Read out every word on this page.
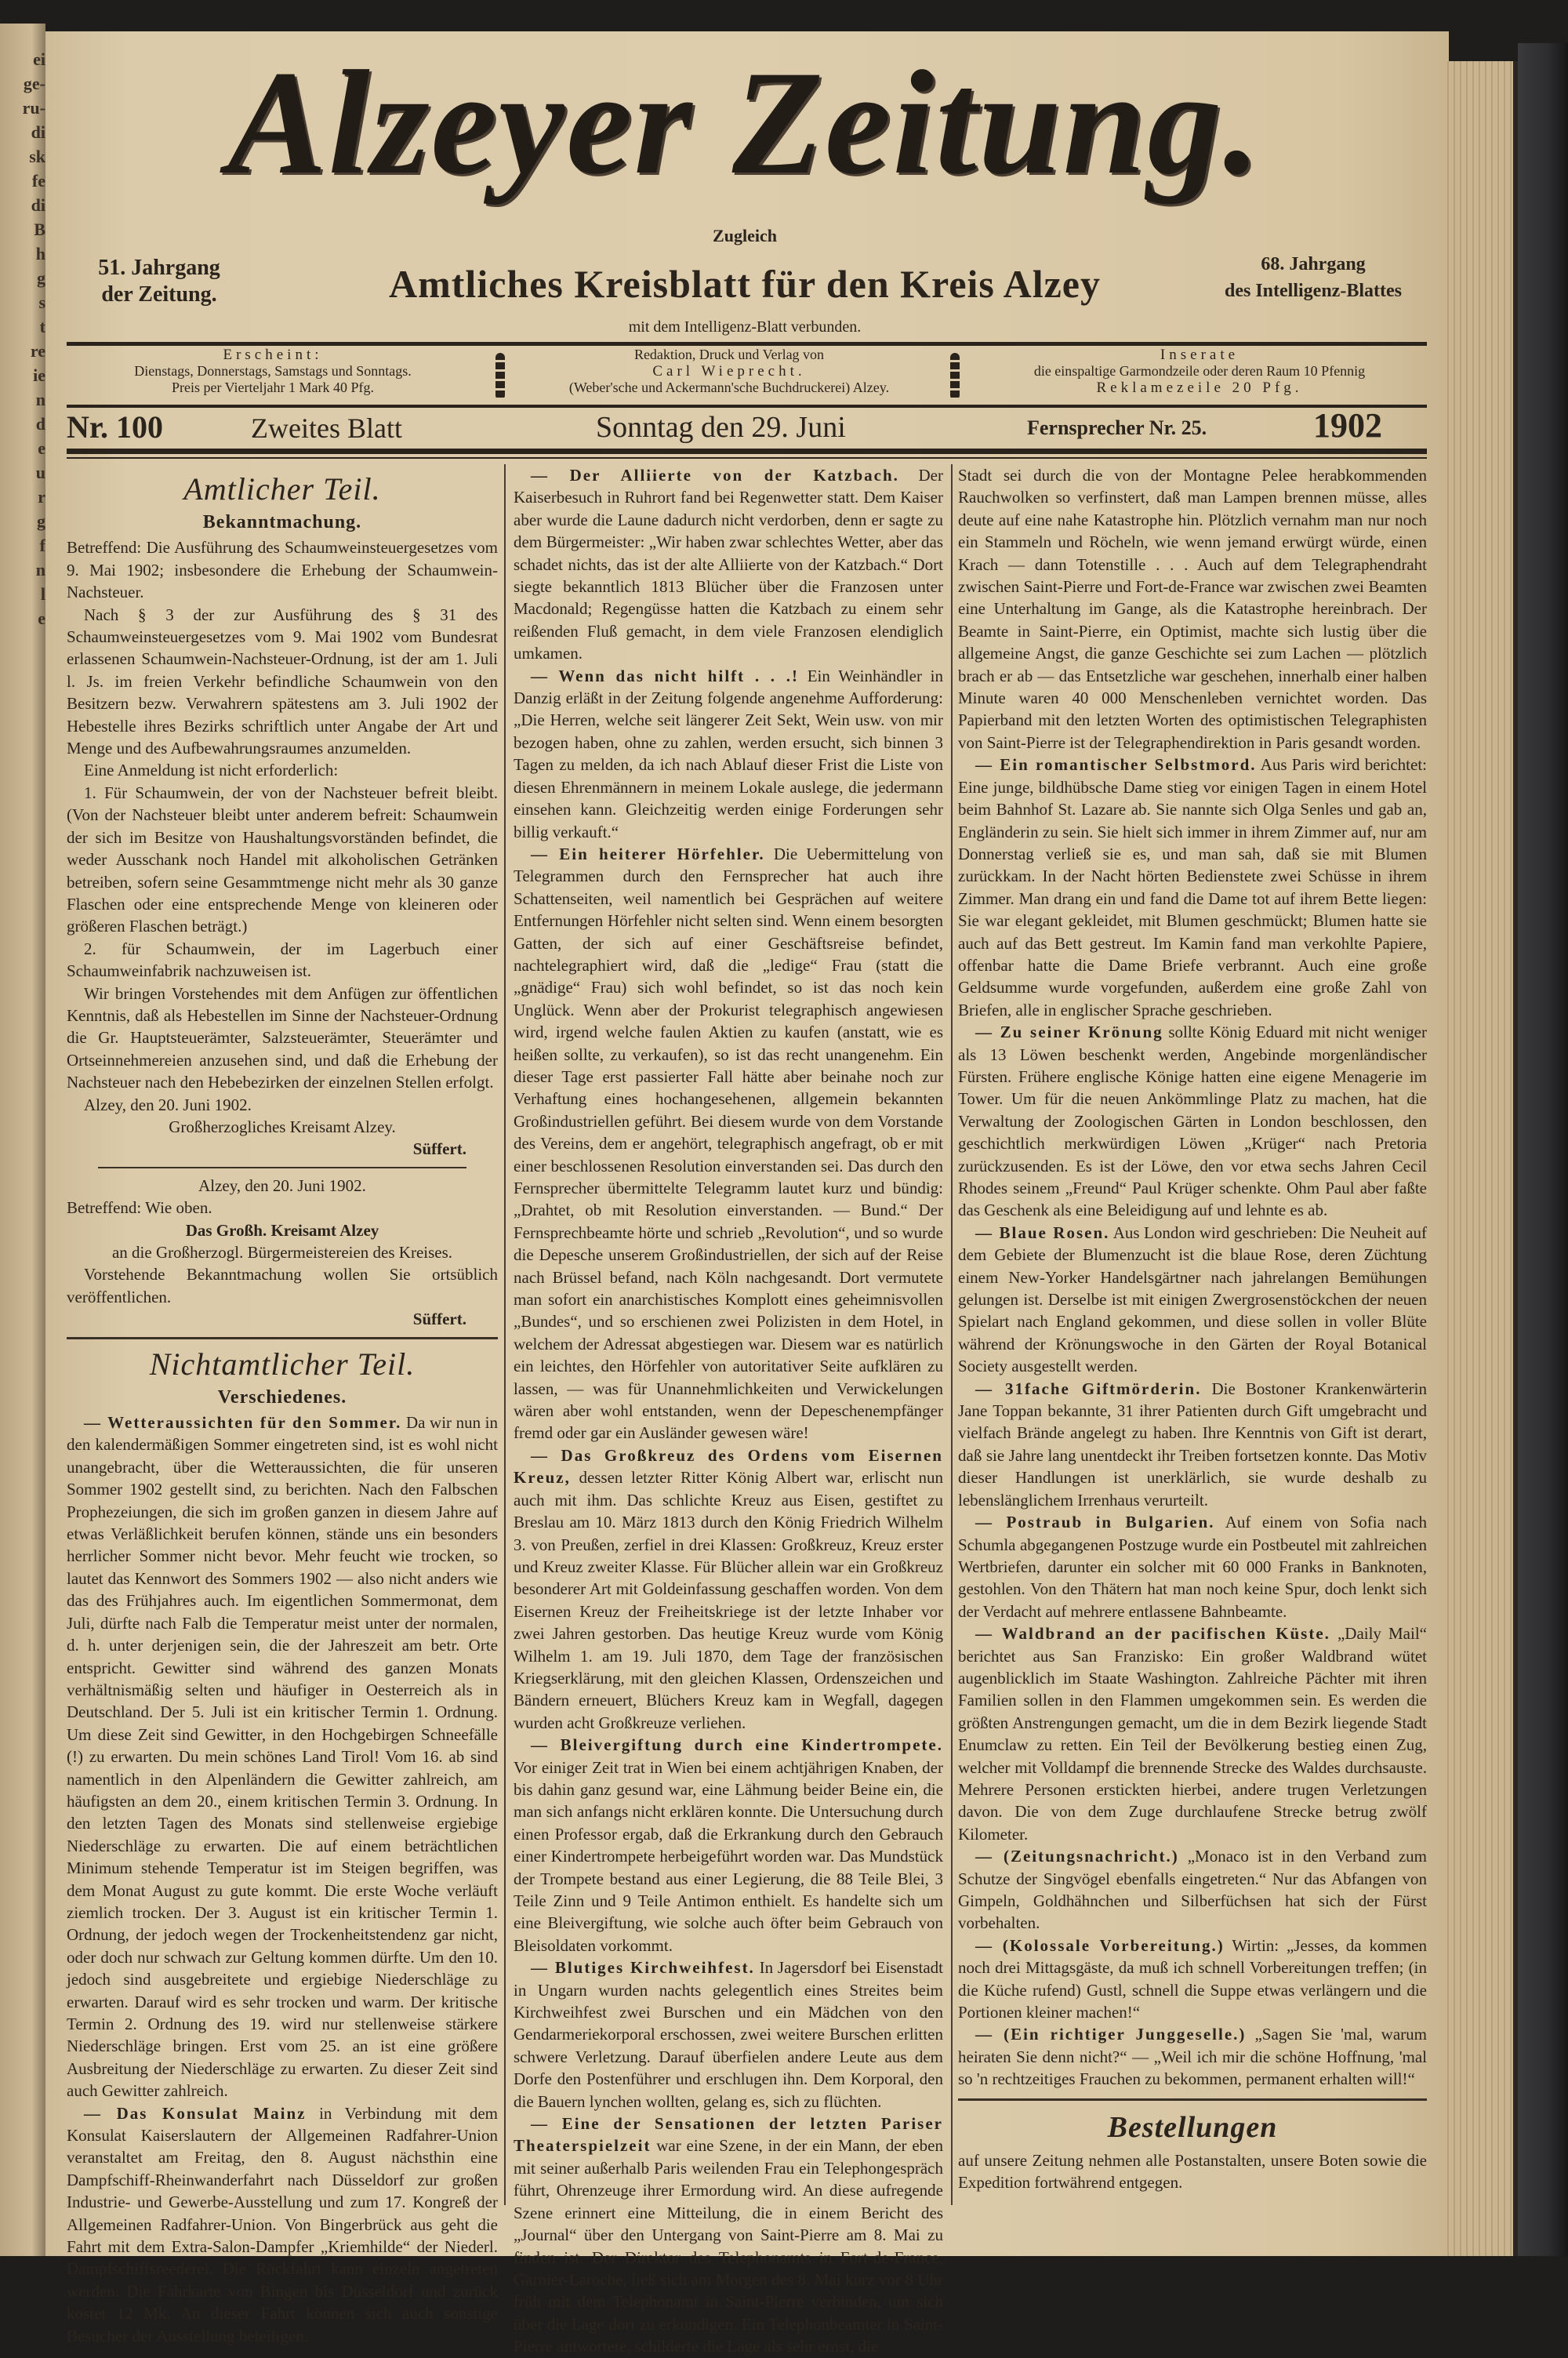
ei
ge-
ru-
di
sk
fe
di
B
h
g
s
t
re
ie
n
d
e
u
r
g
f
n
l
e
Alzeyer Zeitung.
51. Jahrgang
der Zeitung.
Zugleich
Amtliches Kreisblatt für den Kreis Alzey	68. Jahrgang
des Intelligenz-Blattes
mit dem Intelligenz-Blatt verbunden.
Erscheint:
Dienstags, Donnerstags, Samstags und Sonntags.
Preis per Vierteljahr 1 Mark 40 Pfg.
Redaktion, Druck und Verlag von
Carl Wieprecht.
(Weber'sche und Ackermann'sche Buchdruckerei) Alzey.
Inserate
die einspaltige Garmondzeile oder deren Raum 10 Pfennig
Reklamezeile 20 Pfg.
Nr. 100	Zweites Blatt	Sonntag den 29. Juni	Fernsprecher Nr. 25.	1902
Amtlicher Teil.
Bekanntmachung.

Betreffend: Die Ausführung des Schaumweinsteuergesetzes vom 9. Mai 1902; insbesondere die Erhebung der Schaumwein-Nachsteuer.

Nach § 3 der zur Ausführung des § 31 des Schaumweinsteuergesetzes vom 9. Mai 1902 vom Bundesrat erlassenen Schaumwein-Nachsteuer-Ordnung, ist der am 1. Juli l. Js. im freien Verkehr befindliche Schaumwein von den Besitzern bezw. Verwahrern spätestens am 3. Juli 1902 der Hebestelle ihres Bezirks schriftlich unter Angabe der Art und Menge und des Aufbewahrungsraumes anzumelden.

Eine Anmeldung ist nicht erforderlich:

1. Für Schaumwein, der von der Nachsteuer befreit bleibt. (Von der Nachsteuer bleibt unter anderem befreit: Schaumwein der sich im Besitze von Haushaltungsvorständen befindet, die weder Ausschank noch Handel mit alkoholischen Getränken betreiben, sofern seine Gesammtmenge nicht mehr als 30 ganze Flaschen oder eine entsprechende Menge von kleineren oder größeren Flaschen beträgt.)

2. für Schaumwein, der im Lagerbuch einer Schaumweinfabrik nachzuweisen ist.

Wir bringen Vorstehendes mit dem Anfügen zur öffentlichen Kenntnis, daß als Hebestellen im Sinne der Nachsteuer-Ordnung die Gr. Hauptsteuerämter, Salzsteuerämter, Steuerämter und Ortseinnehmereien anzusehen sind, und daß die Erhebung der Nachsteuer nach den Hebebezirken der einzelnen Stellen erfolgt.

Alzey, den 20. Juni 1902.

Großherzogliches Kreisamt Alzey.
Süffert.
Alzey, den 20. Juni 1902.

Betreffend: Wie oben.

Das Großh. Kreisamt Alzey
an die Großherzogl. Bürgermeistereien des Kreises.

Vorstehende Bekanntmachung wollen Sie ortsüblich veröffentlichen.

Süffert.
Nichtamtlicher Teil.
Verschiedenes.

— Wetteraussichten für den Sommer. Da wir nun in den kalendermäßigen Sommer eingetreten sind, ist es wohl nicht unangebracht, über die Wetteraussichten, die für unseren Sommer 1902 gestellt sind, zu berichten. Nach den Falbschen Prophezeiungen, die sich im großen ganzen in diesem Jahre auf etwas Verläßlichkeit berufen können, stände uns ein besonders herrlicher Sommer nicht bevor. Mehr feucht wie trocken, so lautet das Kennwort des Sommers 1902 — also nicht anders wie das des Frühjahres auch. Im eigentlichen Sommermonat, dem Juli, dürfte nach Falb die Temperatur meist unter der normalen, d. h. unter derjenigen sein, die der Jahreszeit am betr. Orte entspricht. Gewitter sind während des ganzen Monats verhältnismäßig selten und häufiger in Oesterreich als in Deutschland. Der 5. Juli ist ein kritischer Termin 1. Ordnung. Um diese Zeit sind Gewitter, in den Hochgebirgen Schneefälle (!) zu erwarten. Du mein schönes Land Tirol! Vom 16. ab sind namentlich in den Alpenländern die Gewitter zahlreich, am häufigsten an dem 20., einem kritischen Termin 3. Ordnung. In den letzten Tagen des Monats sind stellenweise ergiebige Niederschläge zu erwarten. Die auf einem beträchtlichen Minimum stehende Temperatur ist im Steigen begriffen, was dem Monat August zu gute kommt. Die erste Woche verläuft ziemlich trocken. Der 3. August ist ein kritischer Termin 1. Ordnung, der jedoch wegen der Trockenheitstendenz gar nicht, oder doch nur schwach zur Geltung kommen dürfte. Um den 10. jedoch sind ausgebreitete und ergiebige Niederschläge zu erwarten. Darauf wird es sehr trocken und warm. Der kritische Termin 2. Ordnung des 19. wird nur stellenweise stärkere Niederschläge bringen. Erst vom 25. an ist eine größere Ausbreitung der Niederschläge zu erwarten. Zu dieser Zeit sind auch Gewitter zahlreich.

— Das Konsulat Mainz in Verbindung mit dem Konsulat Kaiserslautern der Allgemeinen Radfahrer-Union veranstaltet am Freitag, den 8. August nächsthin eine Dampfschiff-Rheinwanderfahrt nach Düsseldorf zur großen Industrie- und Gewerbe-Ausstellung und zum 17. Kongreß der Allgemeinen Radfahrer-Union. Von Bingerbrück aus geht die Fahrt mit dem Extra-Salon-Dampfer „Kriemhilde“ der Niederl. Dampfschiffsreederei. Die Rückfahrt kann einzeln angetreten werden. Die Fahrkarte von Bingen bis Düsseldorf und zurück kostet 12 Mk. An dieser Fahrt können sich auch sonstige Besucher der Ausstellung beteiligen.

— Der Alliierte von der Katzbach. Der Kaiserbesuch in Ruhrort fand bei Regenwetter statt. Dem Kaiser aber wurde die Laune dadurch nicht verdorben, denn er sagte zu dem Bürgermeister: „Wir haben zwar schlechtes Wetter, aber das schadet nichts, das ist der alte Alliierte von der Katzbach.“ Dort siegte bekanntlich 1813 Blücher über die Franzosen unter Macdonald; Regengüsse hatten die Katzbach zu einem sehr reißenden Fluß gemacht, in dem viele Franzosen elendiglich umkamen.

— Wenn das nicht hilft . . .! Ein Weinhändler in Danzig erläßt in der Zeitung folgende angenehme Aufforderung: „Die Herren, welche seit längerer Zeit Sekt, Wein usw. von mir bezogen haben, ohne zu zahlen, werden ersucht, sich binnen 3 Tagen zu melden, da ich nach Ablauf dieser Frist die Liste von diesen Ehrenmännern in meinem Lokale auslege, die jedermann einsehen kann. Gleichzeitig werden einige Forderungen sehr billig verkauft.“

— Ein heiterer Hörfehler. Die Uebermittelung von Telegrammen durch den Fernsprecher hat auch ihre Schattenseiten, weil namentlich bei Gesprächen auf weitere Entfernungen Hörfehler nicht selten sind. Wenn einem besorgten Gatten, der sich auf einer Geschäftsreise befindet, nachtelegraphiert wird, daß die „ledige“ Frau (statt die „gnädige“ Frau) sich wohl befindet, so ist das noch kein Unglück. Wenn aber der Prokurist telegraphisch angewiesen wird, irgend welche faulen Aktien zu kaufen (anstatt, wie es heißen sollte, zu verkaufen), so ist das recht unangenehm. Ein dieser Tage erst passierter Fall hätte aber beinahe noch zur Verhaftung eines hochangesehenen, allgemein bekannten Großindustriellen geführt. Bei diesem wurde von dem Vorstande des Vereins, dem er angehört, telegraphisch angefragt, ob er mit einer beschlossenen Resolution einverstanden sei. Das durch den Fernsprecher übermittelte Telegramm lautet kurz und bündig: „Drahtet, ob mit Resolution einverstanden. — Bund.“ Der Fernsprechbeamte hörte und schrieb „Revolution“, und so wurde die Depesche unserem Großindustriellen, der sich auf der Reise nach Brüssel befand, nach Köln nachgesandt. Dort vermutete man sofort ein anarchistisches Komplott eines geheimnisvollen „Bundes“, und so erschienen zwei Polizisten in dem Hotel, in welchem der Adressat abgestiegen war. Diesem war es natürlich ein leichtes, den Hörfehler von autoritativer Seite aufklären zu lassen, — was für Unannehmlichkeiten und Verwickelungen wären aber wohl entstanden, wenn der Depeschenempfänger fremd oder gar ein Ausländer gewesen wäre!

— Das Großkreuz des Ordens vom Eisernen Kreuz, dessen letzter Ritter König Albert war, erlischt nun auch mit ihm. Das schlichte Kreuz aus Eisen, gestiftet zu Breslau am 10. März 1813 durch den König Friedrich Wilhelm 3. von Preußen, zerfiel in drei Klassen: Großkreuz, Kreuz erster und Kreuz zweiter Klasse. Für Blücher allein war ein Großkreuz besonderer Art mit Goldeinfassung geschaffen worden. Von dem Eisernen Kreuz der Freiheitskriege ist der letzte Inhaber vor zwei Jahren gestorben. Das heutige Kreuz wurde vom König Wilhelm 1. am 19. Juli 1870, dem Tage der französischen Kriegserklärung, mit den gleichen Klassen, Ordenszeichen und Bändern erneuert, Blüchers Kreuz kam in Wegfall, dagegen wurden acht Großkreuze verliehen.

— Bleivergiftung durch eine Kindertrompete. Vor einiger Zeit trat in Wien bei einem achtjährigen Knaben, der bis dahin ganz gesund war, eine Lähmung beider Beine ein, die man sich anfangs nicht erklären konnte. Die Untersuchung durch einen Professor ergab, daß die Erkrankung durch den Gebrauch einer Kindertrompete herbeigeführt worden war. Das Mundstück der Trompete bestand aus einer Legierung, die 88 Teile Blei, 3 Teile Zinn und 9 Teile Antimon enthielt. Es handelte sich um eine Bleivergiftung, wie solche auch öfter beim Gebrauch von Bleisoldaten vorkommt.

— Blutiges Kirchweihfest. In Jagersdorf bei Eisenstadt in Ungarn wurden nachts gelegentlich eines Streites beim Kirchweihfest zwei Burschen und ein Mädchen von den Gendarmeriekorporal erschossen, zwei weitere Burschen erlitten schwere Verletzung. Darauf überfielen andere Leute aus dem Dorfe den Postenführer und erschlugen ihn. Dem Korporal, den die Bauern lynchen wollten, gelang es, sich zu flüchten.

— Eine der Sensationen der letzten Pariser Theaterspielzeit war eine Szene, in der ein Mann, der eben mit seiner außerhalb Paris weilenden Frau ein Telephongespräch führt, Ohrenzeuge ihrer Ermordung wird. An diese aufregende Szene erinnert eine Mitteilung, die in einem Bericht des „Journal“ über den Untergang von Saint-Pierre am 8. Mai zu finden ist. Der Direktor des Telephonamts in Fort-de-France, Garnier-Laroche, ließ sich am Morgen des 8. Mai kurz vor 8 Uhr früh mit dem Telephonamt in Saint-Pierre verbinden, um sich über die Lage dort zu erkundigen. Ein Telephonbeamter in Saint-Pierre antwortete, schilderte die Lage als sehr ernst, die

Stadt sei durch die von der Montagne Pelee herabkommenden Rauchwolken so verfinstert, daß man Lampen brennen müsse, alles deute auf eine nahe Katastrophe hin. Plötzlich vernahm man nur noch ein Stammeln und Röcheln, wie wenn jemand erwürgt würde, einen Krach — dann Totenstille . . . Auch auf dem Telegraphendraht zwischen Saint-Pierre und Fort-de-France war zwischen zwei Beamten eine Unterhaltung im Gange, als die Katastrophe hereinbrach. Der Beamte in Saint-Pierre, ein Optimist, machte sich lustig über die allgemeine Angst, die ganze Geschichte sei zum Lachen — plötzlich brach er ab — das Entsetzliche war geschehen, innerhalb einer halben Minute waren 40 000 Menschenleben vernichtet worden. Das Papierband mit den letzten Worten des optimistischen Telegraphisten von Saint-Pierre ist der Telegraphendirektion in Paris gesandt worden.

— Ein romantischer Selbstmord. Aus Paris wird berichtet: Eine junge, bildhübsche Dame stieg vor einigen Tagen in einem Hotel beim Bahnhof St. Lazare ab. Sie nannte sich Olga Senles und gab an, Engländerin zu sein. Sie hielt sich immer in ihrem Zimmer auf, nur am Donnerstag verließ sie es, und man sah, daß sie mit Blumen zurückkam. In der Nacht hörten Bedienstete zwei Schüsse in ihrem Zimmer. Man drang ein und fand die Dame tot auf ihrem Bette liegen: Sie war elegant gekleidet, mit Blumen geschmückt; Blumen hatte sie auch auf das Bett gestreut. Im Kamin fand man verkohlte Papiere, offenbar hatte die Dame Briefe verbrannt. Auch eine große Geldsumme wurde vorgefunden, außerdem eine große Zahl von Briefen, alle in englischer Sprache geschrieben.

— Zu seiner Krönung sollte König Eduard mit nicht weniger als 13 Löwen beschenkt werden, Angebinde morgenländischer Fürsten. Frühere englische Könige hatten eine eigene Menagerie im Tower. Um für die neuen Ankömmlinge Platz zu machen, hat die Verwaltung der Zoologischen Gärten in London beschlossen, den geschichtlich merkwürdigen Löwen „Krüger“ nach Pretoria zurückzusenden. Es ist der Löwe, den vor etwa sechs Jahren Cecil Rhodes seinem „Freund“ Paul Krüger schenkte. Ohm Paul aber faßte das Geschenk als eine Beleidigung auf und lehnte es ab.

— Blaue Rosen. Aus London wird geschrieben: Die Neuheit auf dem Gebiete der Blumenzucht ist die blaue Rose, deren Züchtung einem New-Yorker Handelsgärtner nach jahrelangen Bemühungen gelungen ist. Derselbe ist mit einigen Zwergrosenstöckchen der neuen Spielart nach England gekommen, und diese sollen in voller Blüte während der Krönungswoche in den Gärten der Royal Botanical Society ausgestellt werden.

— 31fache Giftmörderin. Die Bostoner Krankenwärterin Jane Toppan bekannte, 31 ihrer Patienten durch Gift umgebracht und vielfach Brände angelegt zu haben. Ihre Kenntnis von Gift ist derart, daß sie Jahre lang unentdeckt ihr Treiben fortsetzen konnte. Das Motiv dieser Handlungen ist unerklärlich, sie wurde deshalb zu lebenslänglichem Irrenhaus verurteilt.

— Postraub in Bulgarien. Auf einem von Sofia nach Schumla abgegangenen Postzuge wurde ein Postbeutel mit zahlreichen Wertbriefen, darunter ein solcher mit 60 000 Franks in Banknoten, gestohlen. Von den Thätern hat man noch keine Spur, doch lenkt sich der Verdacht auf mehrere entlassene Bahnbeamte.

— Waldbrand an der pacifischen Küste. „Daily Mail“ berichtet aus San Franzisko: Ein großer Waldbrand wütet augenblicklich im Staate Washington. Zahlreiche Pächter mit ihren Familien sollen in den Flammen umgekommen sein. Es werden die größten Anstrengungen gemacht, um die in dem Bezirk liegende Stadt Enumclaw zu retten. Ein Teil der Bevölkerung bestieg einen Zug, welcher mit Volldampf die brennende Strecke des Waldes durchsauste. Mehrere Personen erstickten hierbei, andere trugen Verletzungen davon. Die von dem Zuge durchlaufene Strecke betrug zwölf Kilometer.

— (Zeitungsnachricht.) „Monaco ist in den Verband zum Schutze der Singvögel ebenfalls eingetreten.“ Nur das Abfangen von Gimpeln, Goldhähnchen und Silberfüchsen hat sich der Fürst vorbehalten.

— (Kolossale Vorbereitung.) Wirtin: „Jesses, da kommen noch drei Mittagsgäste, da muß ich schnell Vorbereitungen treffen; (in die Küche rufend) Gustl, schnell die Suppe etwas verlängern und die Portionen kleiner machen!“

— (Ein richtiger Junggeselle.) „Sagen Sie 'mal, warum heiraten Sie denn nicht?“ — „Weil ich mir die schöne Hoffnung, 'mal so 'n rechtzeitiges Frauchen zu bekommen, permanent erhalten will!“

Bestellungen

auf unsere Zeitung nehmen alle Postanstalten, unsere Boten sowie die Expedition fortwährend entgegen.
